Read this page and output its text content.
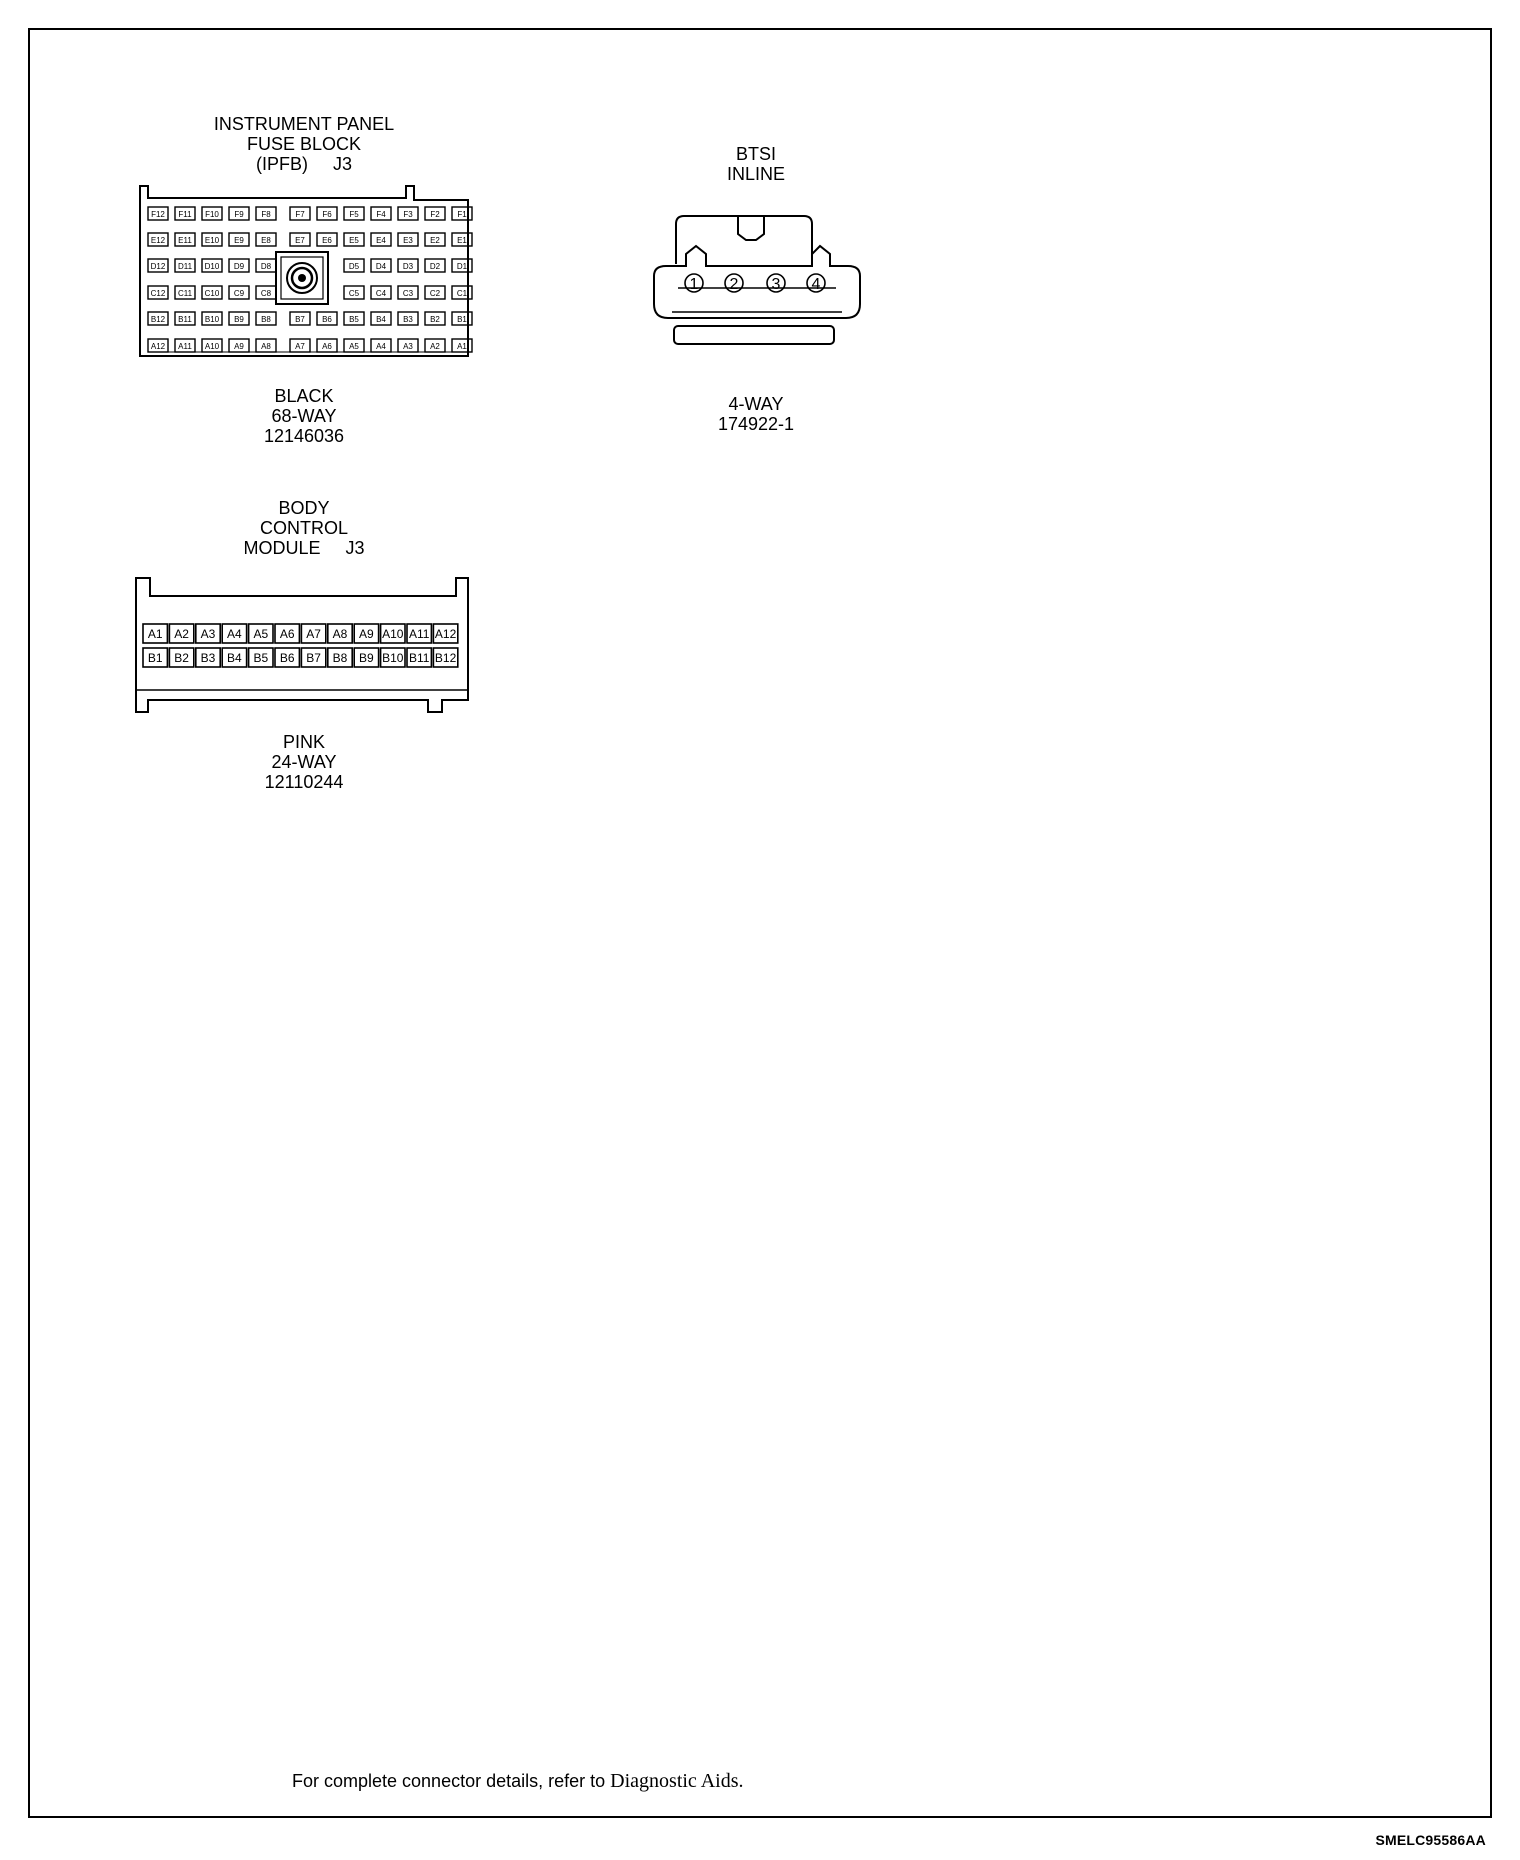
INSTRUMENT PANEL
FUSE BLOCK
(IPFB)     J3
F12 F11 F10 F9 F8	F7 F6 F5 F4 F3 F2 F1
E12 E11 E10 E9 E8	E7 E6 E5 E4 E3 E2 E1
D12 D11 D10 D9 D8	D5 D4 D3 D2 D1
C12 C11 C10 C9 C8	C5 C4 C3 C2 C1
B12 B11 B10 B9 B8	B7 B6 B5 B4 B3 B2 B1
A12 A11 A10 A9 A8	A7 A6 A5 A4 A3 A2 A1
1 2 3 4
A1 A2 A3 A4 A5 A6 A7 A8 A9 A10 A11 A12
B1 B2 B3 B4 B5 B6 B7 B8 B9 B10 B11 B12
BLACK
68-WAY
12146036
BTSI
INLINE
4-WAY
174922-1
BODY
CONTROL
MODULE     J3
PINK
24-WAY
12110244
For complete connector details, refer to Diagnostic Aids.
SMELC95586AA
